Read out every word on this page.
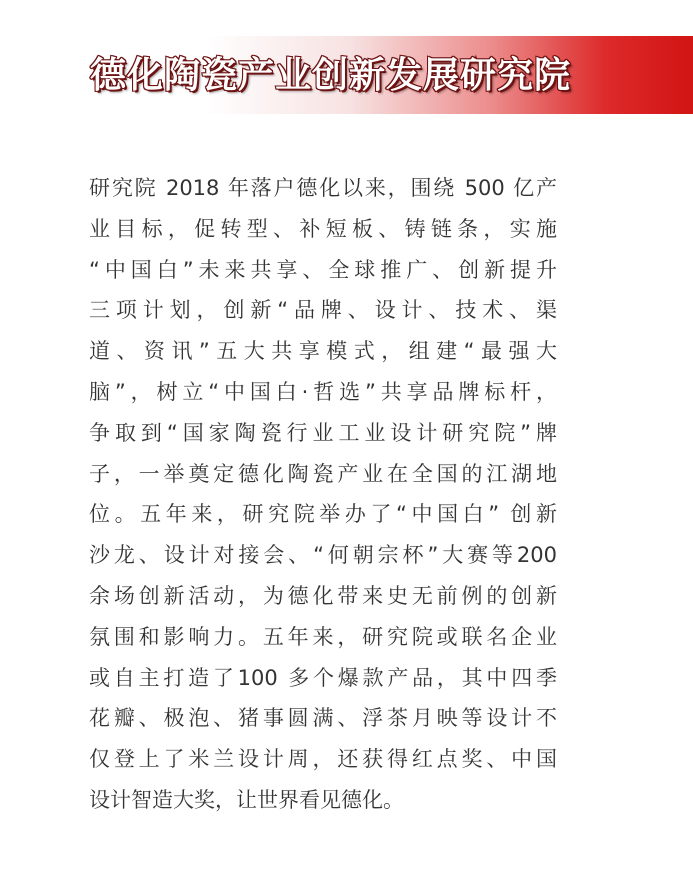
德化陶瓷产业创新发展研究院
研究院 2018 年落户德化以来，围绕 500 亿产
业目标，促转型、补短板、铸链条，实施
“中国白”未来共享、全球推广、创新提升
三项计划，创新“品牌、设计、技术、渠
道、资讯”五大共享模式，组建“最强大
脑”，树立“中国白·哲选”共享品牌标杆，
争取到“国家陶瓷行业工业设计研究院”牌
子，一举奠定德化陶瓷产业在全国的江湖地
位。五年来，研究院举办了“中国白” 创新
沙龙、设计对接会、“何朝宗杯”大赛等200
余场创新活动，为德化带来史无前例的创新
氛围和影响力。五年来，研究院或联名企业
或自主打造了100 多个爆款产品，其中四季
花瓣、极泡、猪事圆满、浮茶月映等设计不
仅登上了米兰设计周，还获得红点奖、中国
设计智造大奖，让世界看见德化。
